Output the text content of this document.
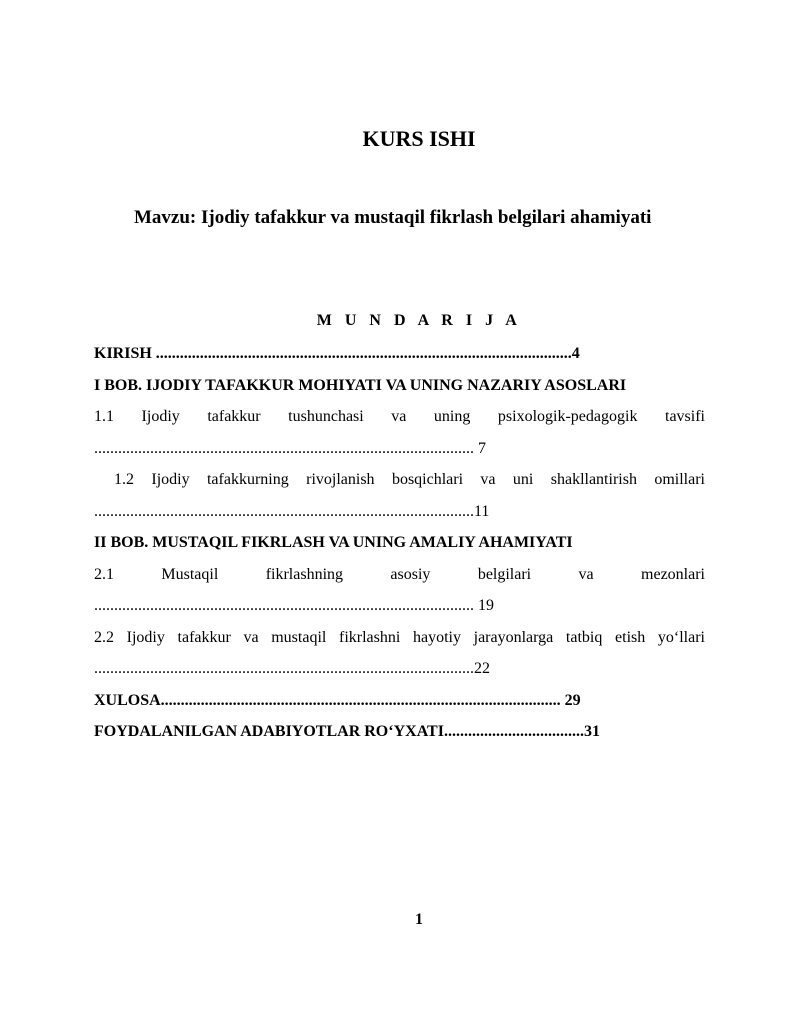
KURS ISHI
Mavzu: Ijodiy tafakkur va mustaqil fikrlash belgilari ahamiyati
M U N D A R I J A

KIRISH ........................................................................................................4

I BOB. IJODIY TAFAKKUR MOHIYATI VA UNING NAZARIY ASOSLARI

1.1 Ijodiy tafakkur tushunchasi va uning psixologik-pedagogik tavsifi ............................................................................................... 7

1.2 Ijodiy tafakkurning rivojlanish bosqichlari va uni shakllantirish omillari ...............................................................................................11

II BOB. MUSTAQIL FIKRLASH VA UNING AMALIY AHAMIYATI

2.1 Mustaqil fikrlashning asosiy belgilari va mezonlari ............................................................................................... 19

2.2 Ijodiy tafakkur va mustaqil fikrlashni hayotiy jarayonlarga tatbiq etish yo‘llari ...............................................................................................22

XULOSA.................................................................................................... 29

FOYDALANILGAN ADABIYOTLAR RO‘YXATI...................................31

1
